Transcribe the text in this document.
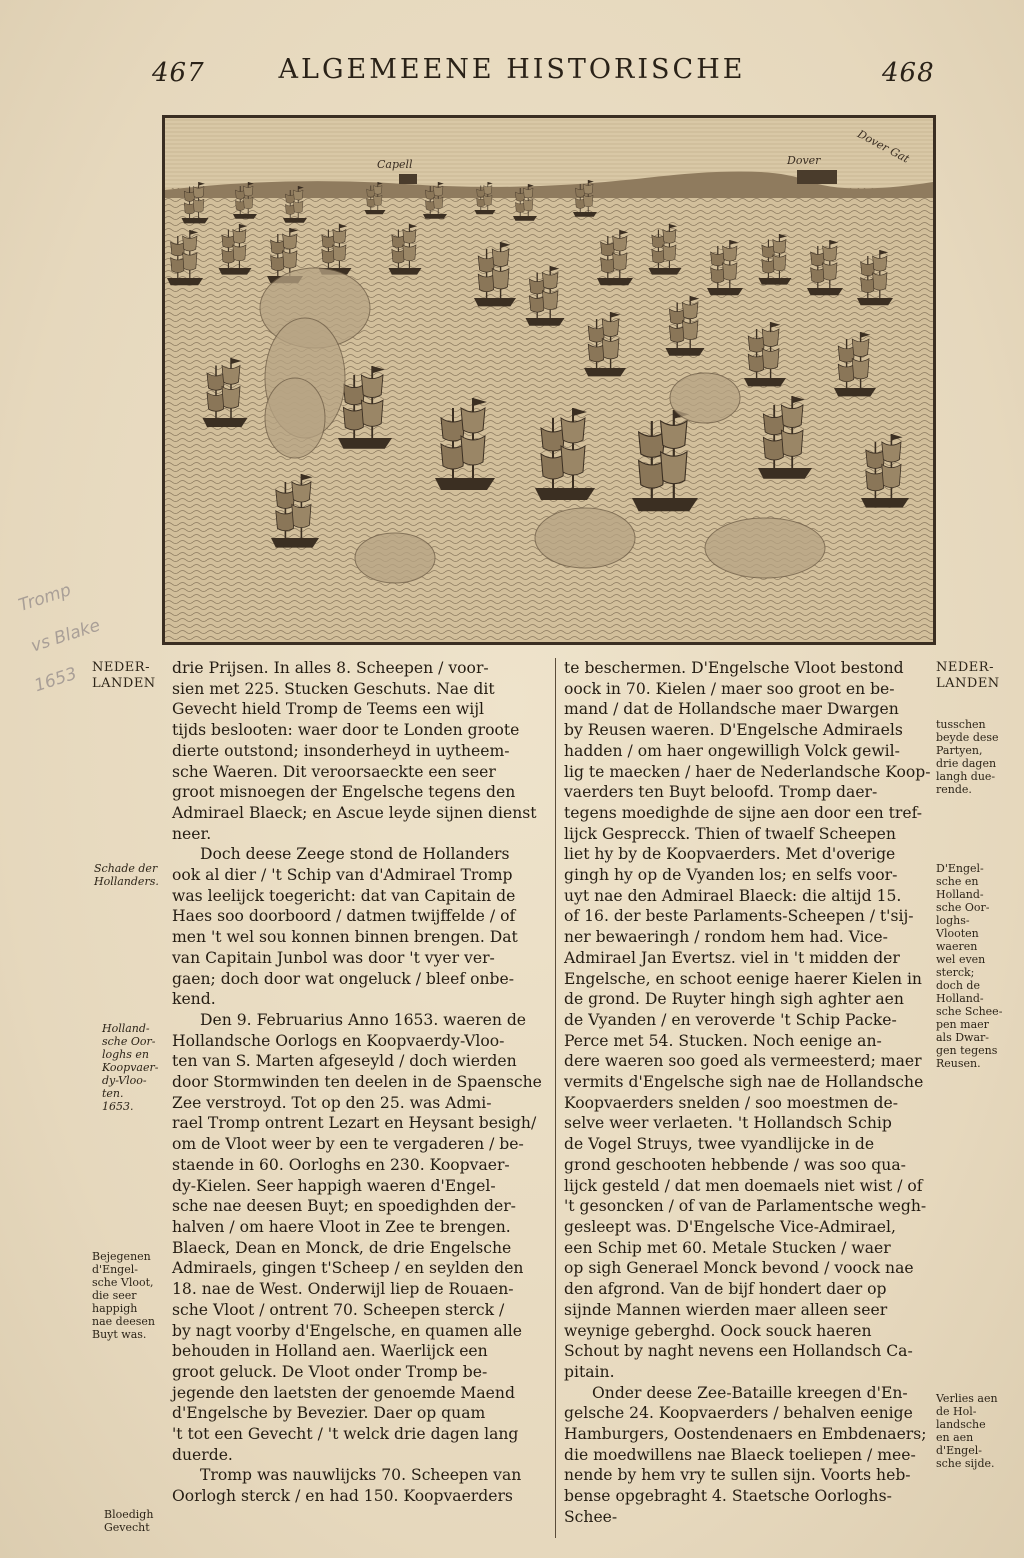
467	ALGEMEENE HISTORISCHE	468
Capell	Dover	Dover Gat
Tromp
vs Blake
1653 NEDER-
LANDEN
Schade der
Hollanders.
Holland-
sche Oor-
loghs en
Koopvaer-
dy-Vloo-
ten.
1653.
Bejegenen
d'Engel-
sche Vloot,
die seer
happigh
nae deesen
Buyt was.
Bloedigh
Gevecht
NEDER-
LANDEN
tusschen
beyde dese
Partyen,
drie dagen
langh due-
rende.
D'Engel-
sche en
Holland-
sche Oor-
loghs-
Vlooten
waeren
wel even
sterck;
doch de
Holland-
sche Schee-
pen maer
als Dwar-
gen tegens
Reusen.
Verlies aen
de Hol-
landsche
en aen
d'Engel-
sche sijde.

drie Prijsen. In alles 8. Scheepen / voor-

sien met 225. Stucken Geschuts. Nae dit

Gevecht hield Tromp de Teems een wijl

tijds beslooten: waer door te Londen groote

dierte outstond; insonderheyd in uytheem-

sche Waeren. Dit veroorsaeckte een seer

groot misnoegen der Engelsche tegens den

Admirael Blaeck; en Ascue leyde sijnen dienst

neer.

Doch deese Zeege stond de Hollanders

ook al dier / 't Schip van d'Admirael Tromp

was leelijck toegericht: dat van Capitain de

Haes soo doorboord / datmen twijffelde / of

men 't wel sou konnen binnen brengen. Dat

van Capitain Junbol was door 't vyer ver-

gaen; doch door wat ongeluck / bleef onbe-

kend.

Den 9. Februarius Anno 1653. waeren de

Hollandsche Oorlogs en Koopvaerdy-Vloo-

ten van S. Marten afgeseyld / doch wierden

door Stormwinden ten deelen in de Spaensche

Zee verstroyd. Tot op den 25. was Admi-

rael Tromp ontrent Lezart en Heysant besigh/

om de Vloot weer by een te vergaderen / be-

staende in 60. Oorloghs en 230. Koopvaer-

dy-Kielen. Seer happigh waeren d'Engel-

sche nae deesen Buyt; en spoedighden der-

halven / om haere Vloot in Zee te brengen.

Blaeck, Dean en Monck, de drie Engelsche

Admiraels, gingen t'Scheep / en seylden den

18. nae de West. Onderwijl liep de Rouaen-

sche Vloot / ontrent 70. Scheepen sterck /

by nagt voorby d'Engelsche, en quamen alle

behouden in Holland aen. Waerlijck een

groot geluck. De Vloot onder Tromp be-

jegende den laetsten der genoemde Maend

d'Engelsche by Bevezier. Daer op quam

't tot een Gevecht / 't welck drie dagen lang

duerde.

Tromp was nauwlijcks 70. Scheepen van

Oorlogh sterck / en had 150. Koopvaerders

te beschermen. D'Engelsche Vloot bestond

oock in 70. Kielen / maer soo groot en be-

mand / dat de Hollandsche maer Dwargen

by Reusen waeren. D'Engelsche Admiraels

hadden / om haer ongewilligh Volck gewil-

lig te maecken / haer de Nederlandsche Koop-

vaerders ten Buyt beloofd. Tromp daer-

tegens moedighde de sijne aen door een tref-

lijck Gesprecck. Thien of twaelf Scheepen

liet hy by de Koopvaerders. Met d'overige

gingh hy op de Vyanden los; en selfs voor-

uyt nae den Admirael Blaeck: die altijd 15.

of 16. der beste Parlaments-Scheepen / t'sij-

ner bewaeringh / rondom hem had. Vice-

Admirael Jan Evertsz. viel in 't midden der

Engelsche, en schoot eenige haerer Kielen in

de grond. De Ruyter hingh sigh aghter aen

de Vyanden / en veroverde 't Schip Packe-

Perce met 54. Stucken. Noch eenige an-

dere waeren soo goed als vermeesterd; maer

vermits d'Engelsche sigh nae de Hollandsche

Koopvaerders snelden / soo moestmen de-

selve weer verlaeten. 't Hollandsch Schip

de Vogel Struys, twee vyandlijcke in de

grond geschooten hebbende / was soo qua-

lijck gesteld / dat men doemaels niet wist / of

't gesoncken / of van de Parlamentsche wegh-

gesleept was. D'Engelsche Vice-Admirael,

een Schip met 60. Metale Stucken / waer

op sigh Generael Monck bevond / voock nae

den afgrond. Van de bijf hondert daer op

sijnde Mannen wierden maer alleen seer

weynige geberghd. Oock souck haeren

Schout by naght nevens een Hollandsch Ca-

pitain.

Onder deese Zee-Bataille kreegen d'En-

gelsche 24. Koopvaerders / behalven eenige

Hamburgers, Oostendenaers en Embdenaers;

die moedwillens nae Blaeck toeliepen / mee-

nende by hem vry te sullen sijn. Voorts heb-

bense opgebraght 4. Staetsche Oorloghs-

Schee-
